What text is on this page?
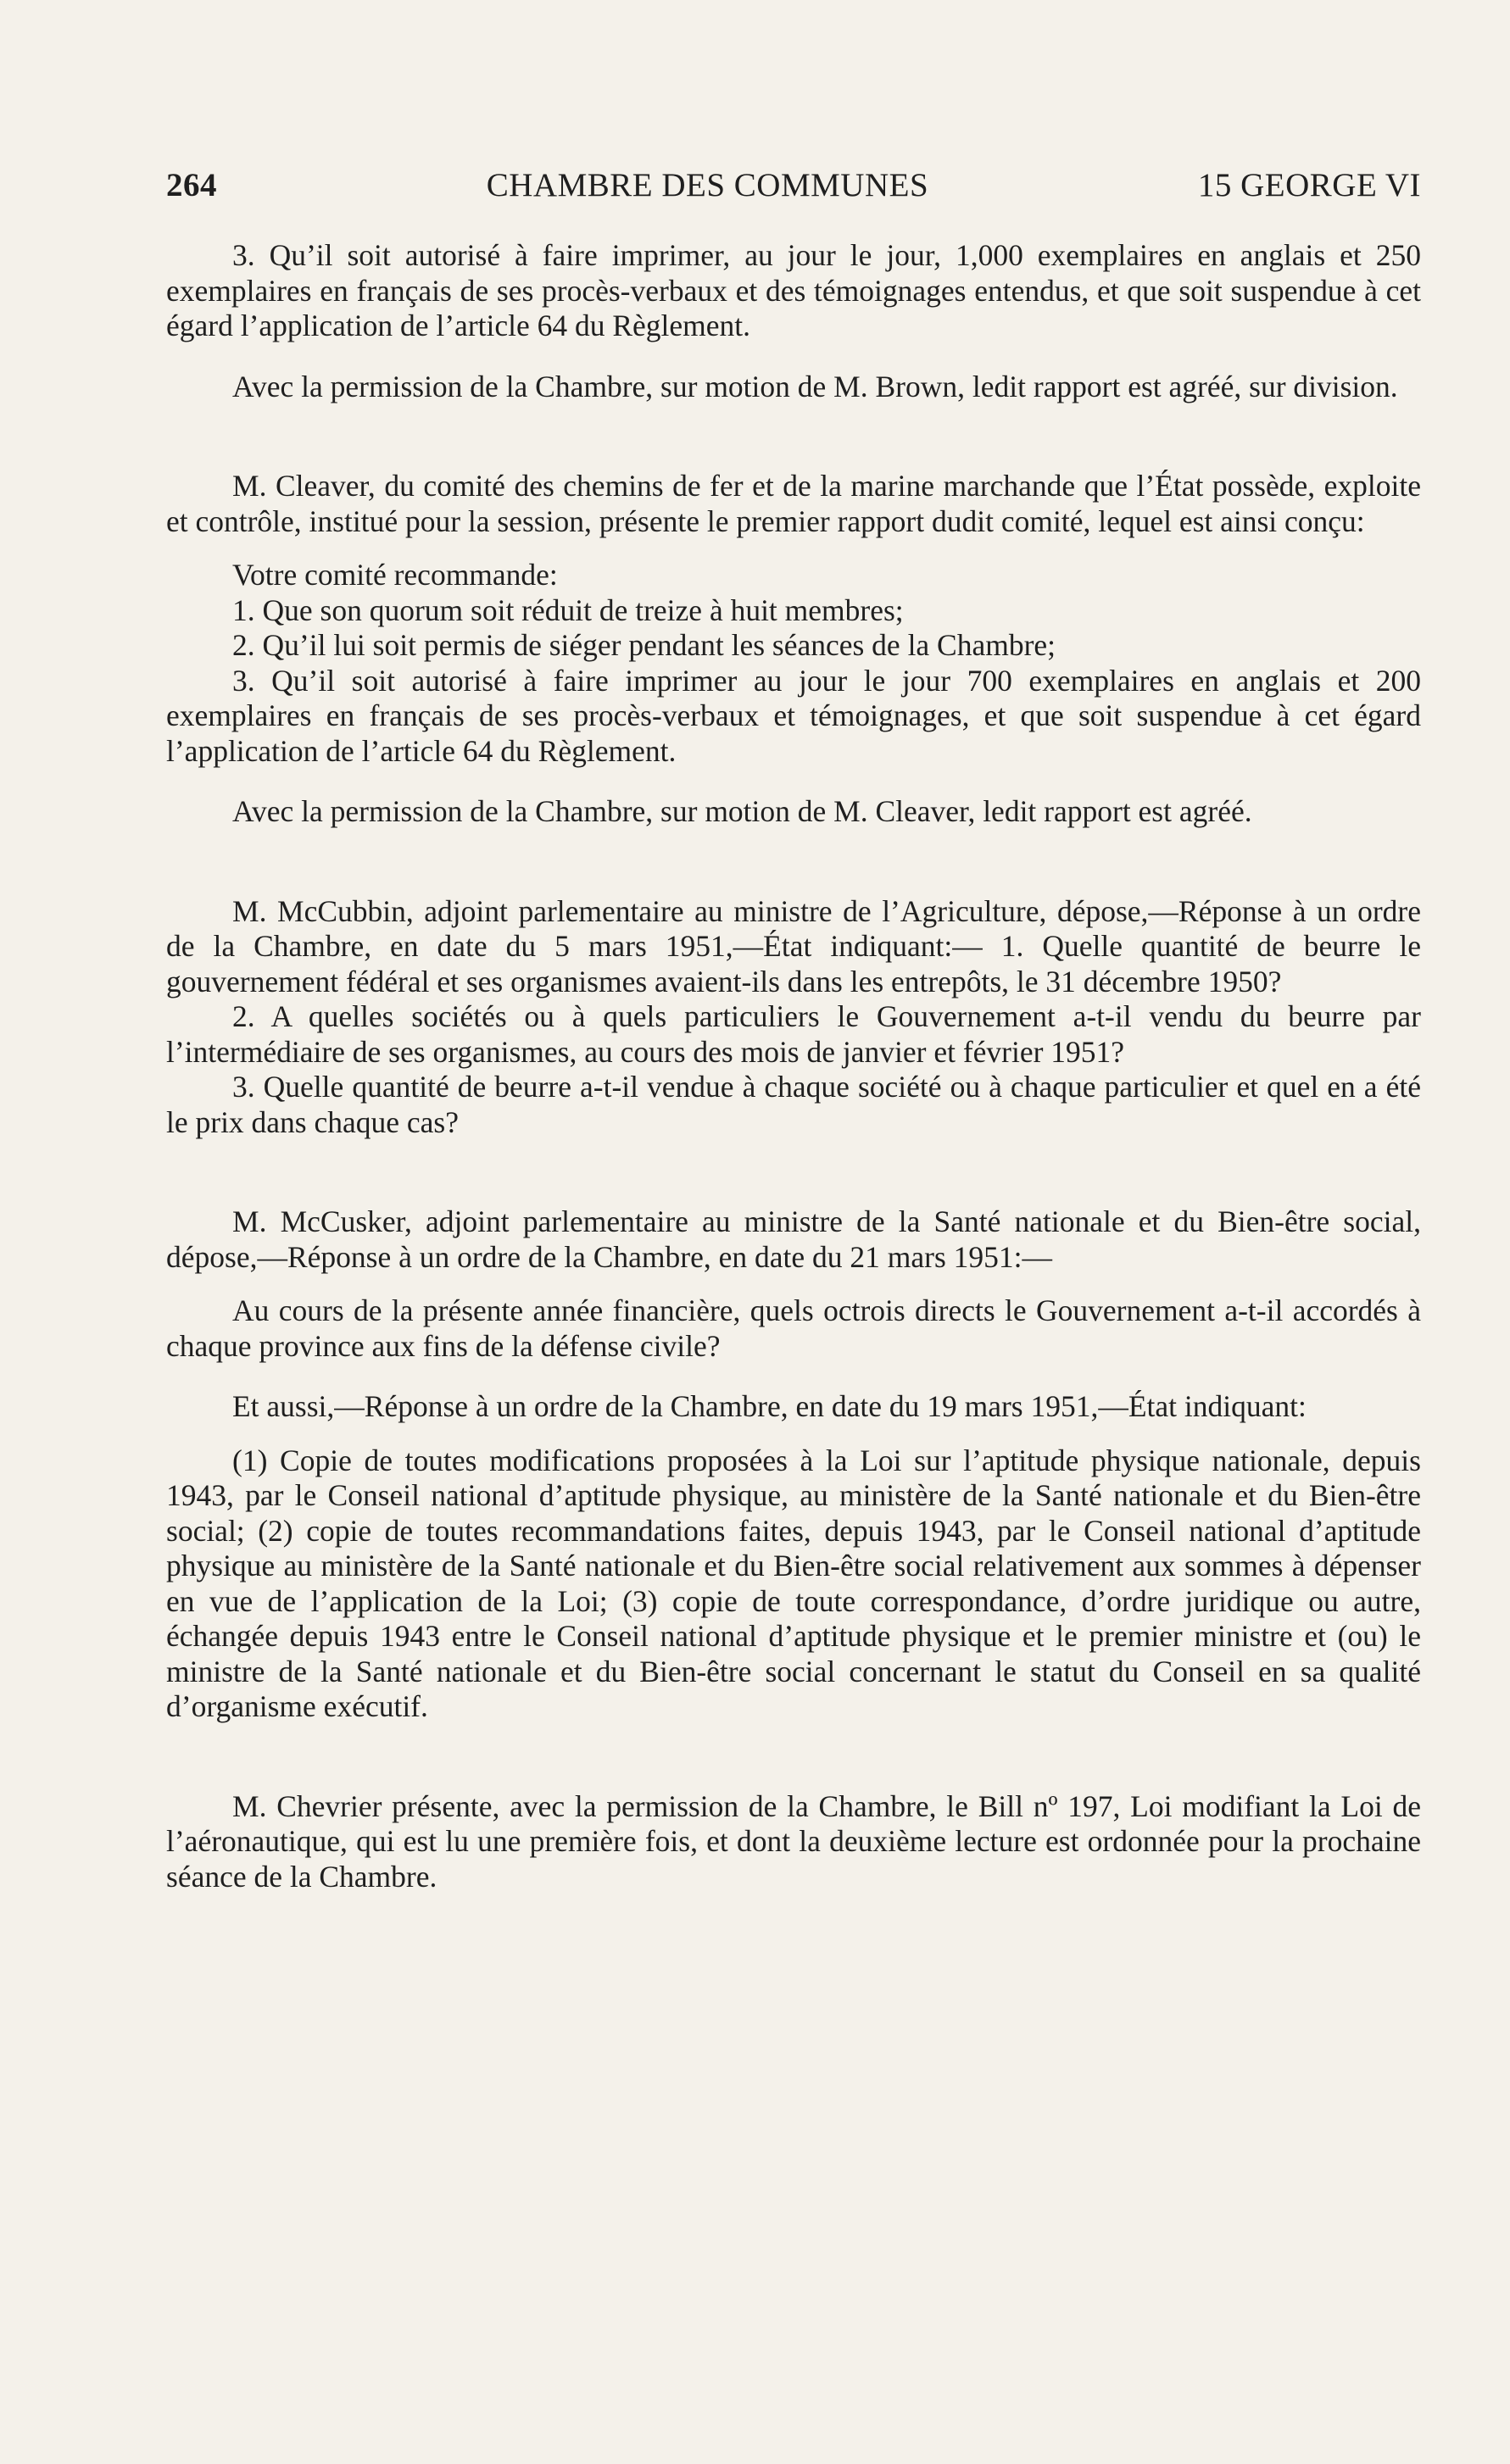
264	CHAMBRE DES COMMUNES	15 GEORGE VI

3. Qu’il soit autorisé à faire imprimer, au jour le jour, 1,000 exemplaires en anglais et 250 exemplaires en français de ses procès-verbaux et des témoignages entendus, et que soit suspendue à cet égard l’application de l’article 64 du Règlement.

Avec la permission de la Chambre, sur motion de M. Brown, ledit rapport est agréé, sur division.

M. Cleaver, du comité des chemins de fer et de la marine marchande que l’État possède, exploite et contrôle, institué pour la session, présente le premier rapport dudit comité, lequel est ainsi conçu:

Votre comité recommande:

1. Que son quorum soit réduit de treize à huit membres;

2. Qu’il lui soit permis de siéger pendant les séances de la Chambre;

3. Qu’il soit autorisé à faire imprimer au jour le jour 700 exemplaires en anglais et 200 exemplaires en français de ses procès-verbaux et témoignages, et que soit suspendue à cet égard l’application de l’article 64 du Règlement.

Avec la permission de la Chambre, sur motion de M. Cleaver, ledit rapport est agréé.

M. McCubbin, adjoint parlementaire au ministre de l’Agriculture, dépose,—Réponse à un ordre de la Chambre, en date du 5 mars 1951,—État indiquant:— 1. Quelle quantité de beurre le gouvernement fédéral et ses organismes avaient-ils dans les entrepôts, le 31 décembre 1950?

2. A quelles sociétés ou à quels particuliers le Gouvernement a-t-il vendu du beurre par l’intermédiaire de ses organismes, au cours des mois de janvier et février 1951?

3. Quelle quantité de beurre a-t-il vendue à chaque société ou à chaque particulier et quel en a été le prix dans chaque cas?

M. McCusker, adjoint parlementaire au ministre de la Santé nationale et du Bien-être social, dépose,—Réponse à un ordre de la Chambre, en date du 21 mars 1951:—

Au cours de la présente année financière, quels octrois directs le Gouvernement a-t-il accordés à chaque province aux fins de la défense civile?

Et aussi,—Réponse à un ordre de la Chambre, en date du 19 mars 1951,—État indiquant:

(1) Copie de toutes modifications proposées à la Loi sur l’aptitude physique nationale, depuis 1943, par le Conseil national d’aptitude physique, au ministère de la Santé nationale et du Bien-être social; (2) copie de toutes recommandations faites, depuis 1943, par le Conseil national d’aptitude physique au ministère de la Santé nationale et du Bien-être social relativement aux sommes à dépenser en vue de l’application de la Loi; (3) copie de toute correspondance, d’ordre juridique ou autre, échangée depuis 1943 entre le Conseil national d’aptitude physique et le premier ministre et (ou) le ministre de la Santé nationale et du Bien-être social concernant le statut du Conseil en sa qualité d’organisme exécutif.

M. Chevrier présente, avec la permission de la Chambre, le Bill nº 197, Loi modifiant la Loi de l’aéronautique, qui est lu une première fois, et dont la deuxième lecture est ordonnée pour la prochaine séance de la Chambre.
